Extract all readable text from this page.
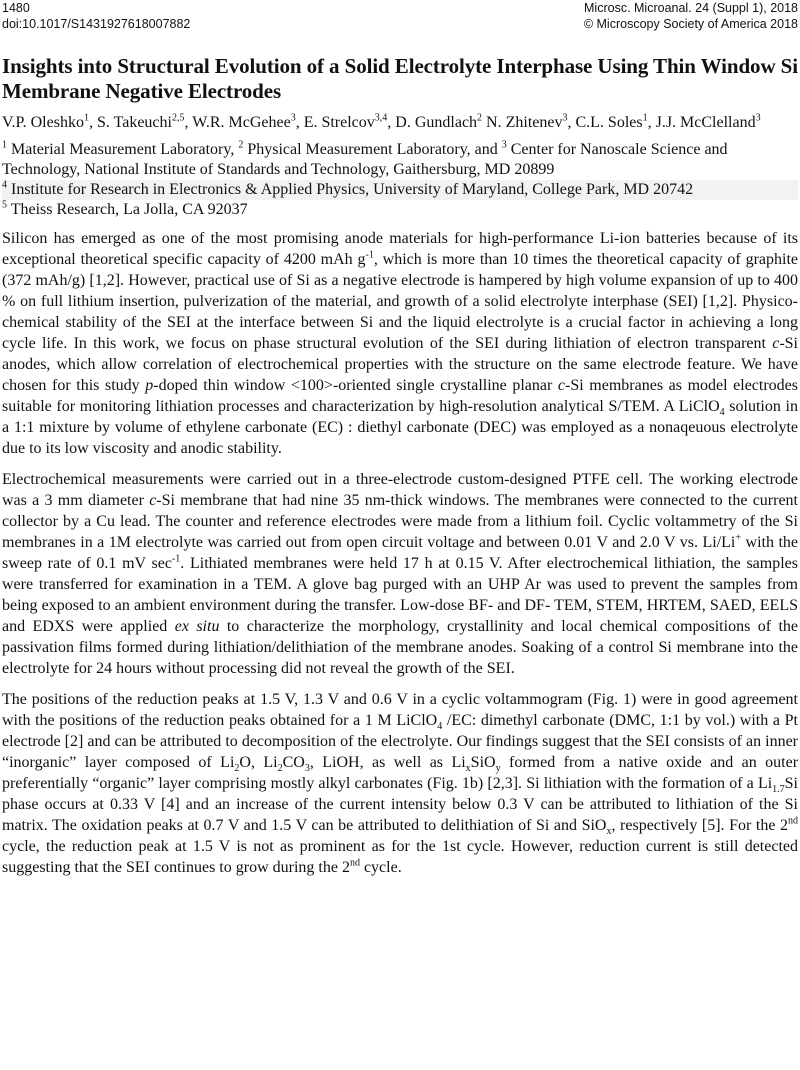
1480
doi:10.1017/S1431927618007882
Microsc. Microanal. 24 (Suppl 1), 2018
© Microscopy Society of America 2018
Insights into Structural Evolution of a Solid Electrolyte Interphase Using Thin Window Si Membrane Negative Electrodes
V.P. Oleshko$^1$, S. Takeuchi$^{2,5}$, W.R. McGehee$^3$, E. Strelcov$^{3,4}$, D. Gundlach$^2$ N. Zhitenev$^3$, C.L. Soles$^1$, J.J. McClelland$^3$
$^1$ Material Measurement Laboratory, $^2$ Physical Measurement Laboratory, and $^3$ Center for Nanoscale Science and Technology, National Institute of Standards and Technology, Gaithersburg, MD 20899
$^4$ Institute for Research in Electronics & Applied Physics, University of Maryland, College Park, MD 20742
$^5$ Theiss Research, La Jolla, CA 92037

Silicon has emerged as one of the most promising anode materials for high-performance Li-ion batteries because of its exceptional theoretical specific capacity of 4200 mAh $g^{-1}$, which is more than 10 times the theoretical capacity of graphite (372 mAh/g) [1,2]. However, practical use of Si as a negative electrode is hampered by high volume expansion of up to 400 % on full lithium insertion, pulverization of the material, and growth of a solid electrolyte interphase (SEI) [1,2]. Physico-chemical stability of the SEI at the interface between Si and the liquid electrolyte is a crucial factor in achieving a long cycle life. In this work, we focus on phase structural evolution of the SEI during lithiation of electron transparent c-Si anodes, which allow correlation of electrochemical properties with the structure on the same electrode feature. We have chosen for this study p-doped thin window <100>-oriented single crystalline planar c-Si membranes as model electrodes suitable for monitoring lithiation processes and characterization by high-resolution analytical S/TEM. A LiClO$_4$ solution in a 1:1 mixture by volume of ethylene carbonate (EC) : diethyl carbonate (DEC) was employed as a nonaqeuous electrolyte due to its low viscosity and anodic stability.

Electrochemical measurements were carried out in a three-electrode custom-designed PTFE cell. The working electrode was a 3 mm diameter c-Si membrane that had nine 35 nm-thick windows. The membranes were connected to the current collector by a Cu lead. The counter and reference electrodes were made from a lithium foil. Cyclic voltammetry of the Si membranes in a 1M electrolyte was carried out from open circuit voltage and between 0.01 V and 2.0 V vs. Li/Li+ with the sweep rate of 0.1 mV $\sec^{-1}$. Lithiated membranes were held 17 h at 0.15 V. After electrochemical lithiation, the samples were transferred for examination in a TEM. A glove bag purged with an UHP Ar was used to prevent the samples from being exposed to an ambient environment during the transfer. Low-dose BF- and DF- TEM, STEM, HRTEM, SAED, EELS and EDXS were applied ex situ to characterize the morphology, crystallinity and local chemical compositions of the passivation films formed during lithiation/delithiation of the membrane anodes. Soaking of a control Si membrane into the electrolyte for 24 hours without processing did not reveal the growth of the SEI.

The positions of the reduction peaks at 1.5 V, 1.3 V and 0.6 V in a cyclic voltammogram (Fig. 1) were in good agreement with the positions of the reduction peaks obtained for a 1 M LiClO$_4$ /EC: dimethyl carbonate (DMC, 1:1 by vol.) with a Pt electrode [2] and can be attributed to decomposition of the electrolyte. Our findings suggest that the SEI consists of an inner “inorganic” layer composed of $Li_2O$, $Li_2CO_3$, LiOH, as well as $Li_xSiO_y$ formed from a native oxide and an outer preferentially “organic” layer comprising mostly alkyl carbonates (Fig. 1b) [2,3]. Si lithiation with the formation of a $Li_{1.7}Si$ phase occurs at 0.33 V [4] and an increase of the current intensity below 0.3 V can be attributed to lithiation of the Si matrix. The oxidation peaks at 0.7 V and 1.5 V can be attributed to delithiation of Si and SiO$_x$, respectively [5]. For the 2nd cycle, the reduction peak at 1.5 V is not as prominent as for the 1st cycle. However, reduction current is still detected suggesting that the SEI continues to grow during the 2nd cycle.
